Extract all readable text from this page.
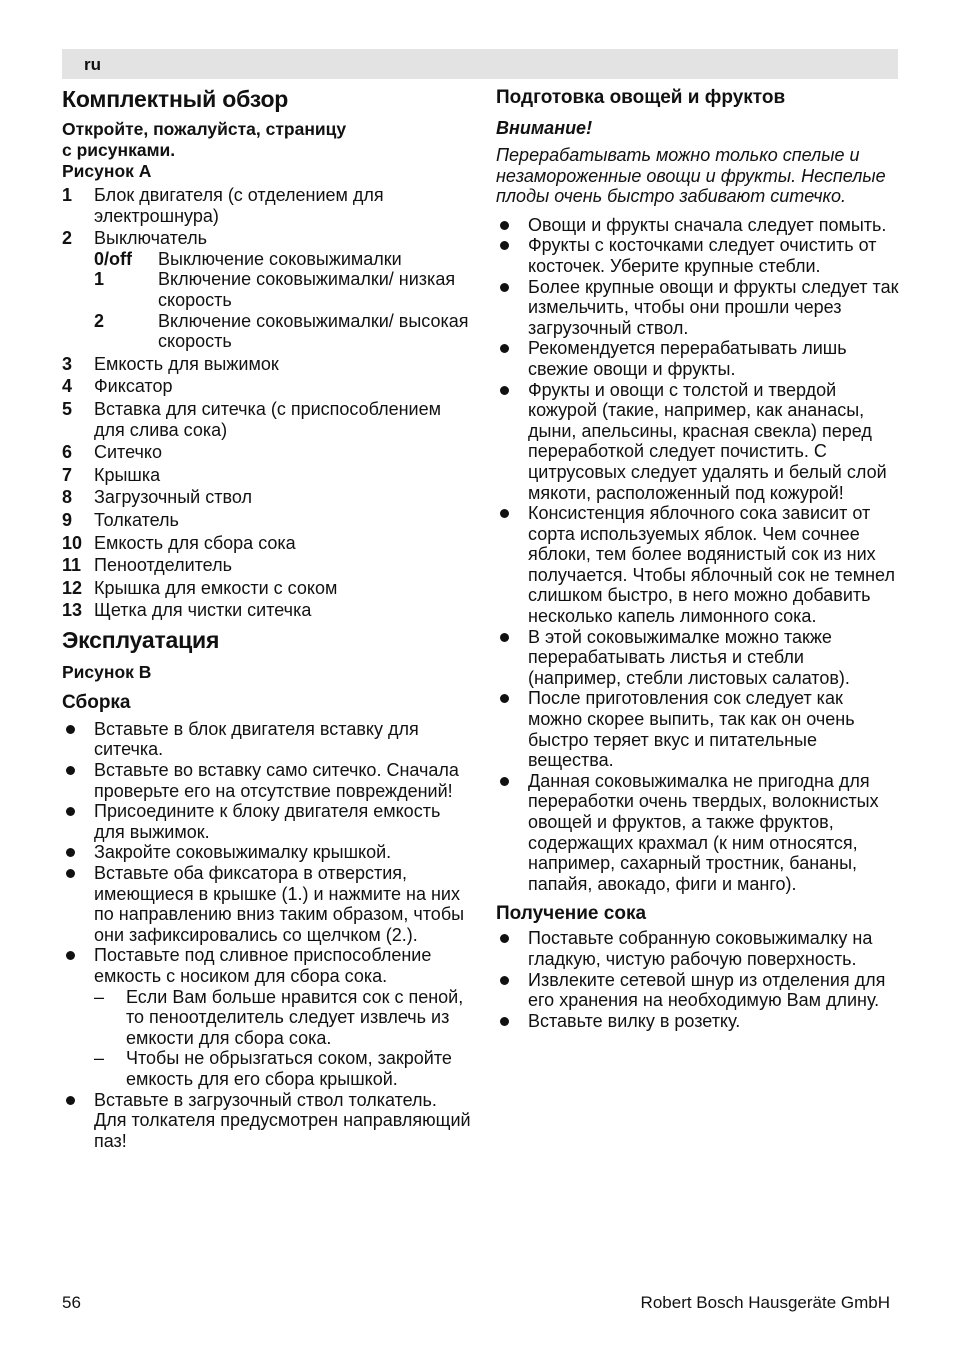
ru
Комплектный обзор
Откройте, пожалуйста, страницу
с рисунками.
Рисунок А
1	Блок двигателя (с отделением для электрошнура)
2	Выключатель
0/off	Выключение соковыжималки
1	Включение соковыжималки/ низкая скорость
2	Включение соковыжималки/ высокая скорость
3	Емкость для выжимок
4	Фиксатор
5	Вставка для ситечка (с приспособлением для слива сока)
6	Ситечко
7	Крышка
8	Загрузочный ствол
9	Толкатель
10 Емкость для сбора сока
11 Пеноотделитель
12 Крышка для емкости с соком
13 Щетка для чистки ситечка
Эксплуатация
Рисунок B
Сборка
Вставьте в блок двигателя вставку для ситечка.
Вставьте во вставку само ситечко. Сначала проверьте его на отсутствие повреждений!
Присоедините к блоку двигателя емкость для выжимок.
Закройте соковыжималку крышкой.
Вставьте оба фиксатора в отверстия, имеющиеся в крышке (1.) и нажмите на них по направлению вниз таким образом, чтобы они зафиксировались со щелчком (2.).
Поставьте под сливное приспособление емкость с носиком для сбора сока.
– Если Вам больше нравится сок с пеной, то пеноотделитель следует извлечь из емкости для сбора сока.
– Чтобы не обрызгаться соком, закройте емкость для его сбора крышкой.
Вставьте в загрузочный ствол толкатель. Для толкателя предусмотрен направляющий паз!
Подготовка овощей и фруктов
Внимание!
Перерабатывать можно только спелые и незамороженные овощи и фрукты. Неспелые плоды очень быстро забивают ситечко.
Овощи и фрукты сначала следует помыть.
Фрукты с косточками следует очистить от косточек. Уберите крупные стебли.
Более крупные овощи и фрукты следует так измельчить, чтобы они прошли через загрузочный ствол.
Рекомендуется перерабатывать лишь свежие овощи и фрукты.
Фрукты и овощи с толстой и твердой кожурой (такие, например, как ананасы, дыни, апельсины, красная свекла) перед переработкой следует почистить. С цитрусовых следует удалять и белый слой мякоти, расположенный под кожурой!
Консистенция яблочного сока зависит от сорта используемых яблок. Чем сочнее яблоки, тем более водянистый сок из них получается. Чтобы яблочный сок не темнел слишком быстро, в него можно добавить несколько капель лимонного сока.
В этой соковыжималке можно также перерабатывать листья и стебли (например, стебли листовых салатов).
После приготовления сок следует как можно скорее выпить, так как он очень быстро теряет вкус и питательные вещества.
Данная соковыжималка не пригодна для переработки очень твердых, волокнистых овощей и фруктов, а также фруктов, содержащих крахмал (к ним относятся, например, сахарный тростник, бананы, папайя, авокадо, фиги и манго).
Получение сока
Поставьте собранную соковыжималку на гладкую, чистую рабочую поверхность.
Извлеките сетевой шнур из отделения для его хранения на необходимую Вам длину.
Вставьте вилку в розетку.
56	Robert Bosch Hausgeräte GmbH
